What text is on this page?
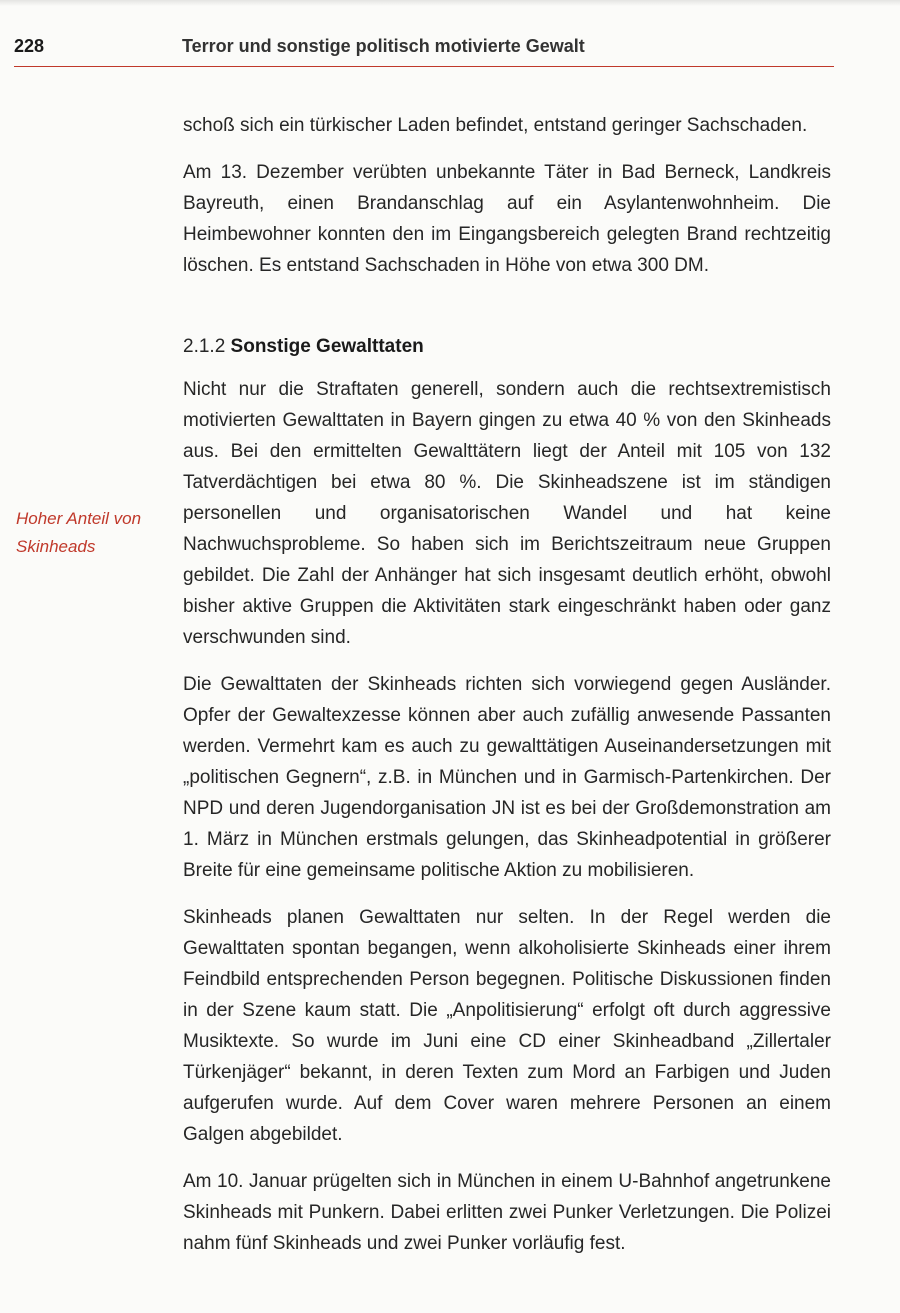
228	Terror und sonstige politisch motivierte Gewalt
Hoher Anteil von
Skinheads

schoß sich ein türkischer Laden befindet, entstand geringer Sachschaden.

Am 13. Dezember verübten unbekannte Täter in Bad Berneck, Landkreis Bayreuth, einen Brandanschlag auf ein Asylantenwohnheim. Die Heimbewohner konnten den im Eingangsbereich gelegten Brand rechtzeitig löschen. Es entstand Sachschaden in Höhe von etwa 300 DM.

2.1.2 Sonstige Gewalttaten

Nicht nur die Straftaten generell, sondern auch die rechtsextremistisch motivierten Gewalttaten in Bayern gingen zu etwa 40 % von den Skinheads aus. Bei den ermittelten Gewalttätern liegt der Anteil mit 105 von 132 Tatverdächtigen bei etwa 80 %. Die Skinheadszene ist im ständigen personellen und organisatorischen Wandel und hat keine Nachwuchsprobleme. So haben sich im Berichtszeitraum neue Gruppen gebildet. Die Zahl der Anhänger hat sich insgesamt deutlich erhöht, obwohl bisher aktive Gruppen die Aktivitäten stark eingeschränkt haben oder ganz verschwunden sind.

Die Gewalttaten der Skinheads richten sich vorwiegend gegen Ausländer. Opfer der Gewaltexzesse können aber auch zufällig anwesende Passanten werden. Vermehrt kam es auch zu gewalttätigen Auseinandersetzungen mit „politischen Gegnern“, z.B. in München und in Garmisch-Partenkirchen. Der NPD und deren Jugendorganisation JN ist es bei der Großdemonstration am 1. März in München erstmals gelungen, das Skinheadpotential in größerer Breite für eine gemeinsame politische Aktion zu mobilisieren.

Skinheads planen Gewalttaten nur selten. In der Regel werden die Gewalttaten spontan begangen, wenn alkoholisierte Skinheads einer ihrem Feindbild entsprechenden Person begegnen. Politische Diskussionen finden in der Szene kaum statt. Die „Anpolitisierung“ erfolgt oft durch aggressive Musiktexte. So wurde im Juni eine CD einer Skinheadband „Zillertaler Türkenjäger“ bekannt, in deren Texten zum Mord an Farbigen und Juden aufgerufen wurde. Auf dem Cover waren mehrere Personen an einem Galgen abgebildet.

Am 10. Januar prügelten sich in München in einem U-Bahnhof angetrunkene Skinheads mit Punkern. Dabei erlitten zwei Punker Verletzungen. Die Polizei nahm fünf Skinheads und zwei Punker vorläufig fest.
